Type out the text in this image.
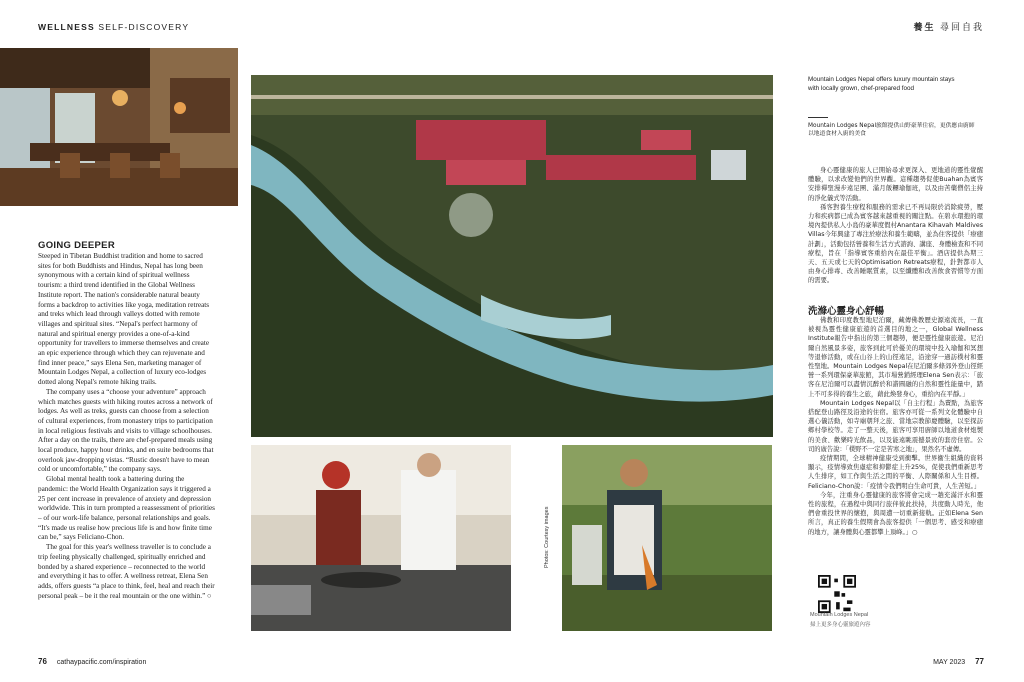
WELLNESS SELF-DISCOVERY	養生 尋回自我
Photos: Courtesy images
GOING DEEPER

Steeped in Tibetan Buddhist tradition and home to sacred sites for both Buddhists and Hindus, Nepal has long been synonymous with a certain kind of spiritual wellness tourism: a third trend identified in the Global Wellness Institute report. The nation's considerable natural beauty forms a backdrop to activities like yoga, meditation retreats and treks which lead through valleys dotted with remote villages and spiritual sites. “Nepal's perfect harmony of natural and spiritual energy provides a one-of-a-kind opportunity for travellers to immerse themselves and create an epic experience through which they can rejuvenate and find inner peace,” says Elena Sen, marketing manager of Mountain Lodges Nepal, a collection of luxury eco-lodges dotted along Nepal's remote hiking trails.

The company uses a “choose your adventure” approach which matches guests with hiking routes across a network of lodges. As well as treks, guests can choose from a selection of cultural experiences, from monastery trips to participation in local religious festivals and visits to village schoolhouses. After a day on the trails, there are chef-prepared meals using local produce, happy hour drinks, and en suite bedrooms that overlook jaw-dropping vistas. “Rustic doesn't have to mean cold or uncomfortable,” the company says.

Global mental health took a battering during the pandemic: the World Health Organization says it triggered a 25 per cent increase in prevalence of anxiety and depression worldwide. This in turn prompted a reassessment of priorities – of our work-life balance, personal relationships and goals. “It's made us realise how precious life is and how finite time can be,” says Feliciano-Chon.

The goal for this year's wellness traveller is to conclude a trip feeling physically challenged, spiritually enriched and bonded by a shared experience – reconnected to the world and everything it has to offer. A wellness retreat, Elena Sen adds, offers guests “a place to think, feel, heal and reach their personal peak – be it the real mountain or the one within.” ○

Mountain Lodges Nepal offers luxury mountain stays with locally grown, chef-prepared food
Mountain Lodges Nepal旅館提供山野豪華住宿，更供應由廚師以地道食材入廚的美食

身心靈健康的旅人已開始尋求更深入、更地道的靈性覺醒體驗，以求改變他們的世界觀。這種趨勢促使Buahan為賓客安排禪聖漫步遠足團、滿月飯糰瑜伽班，以及由苦藥僧侶主持的淨化儀式等活動。

孫客對養生療程和服務的需求已不再局限於消除疲勞，壓力和疾病都已成為賓客越來越重視的關注點。在碧水環抱的環境內提供私人小島的豪華度假村Anantara Kihavah Maldives Villas今年興建了專注於療法和養生範疇，並為住客提供「療癒計劃」，活動包括營養和生活方式諮詢、講座、身體檢查和不同療程，旨在「指導賓客重拾內在最佳平衡」。酒店提供為期三天、五天或七天的Optimisation Retreats療程，針對都市人由身心排毒、改善睡眠質素，以至纖體和改善飲食習慣等方面的需要。

洗滌心靈身心舒暢

佛教和印度教聖地尼泊爾，藏傳佛教歷史源遠流長，一直被視為靈性健康旅遊的首選目的地之一，Global Wellness Institute報告中指出的第三個趨勢，便是靈性健康旅遊。尼泊爾自然風景多姿，旅客到此可於優美的環境中投入瑜伽和冥想等退修活動，或在山谷上的山徑遠足，沿途穿一過訪樸村和靈性聖地。Mountain Lodges Nepal在尼泊爾多條郊外登山徑經營一系列環保豪華旅館，其市場營銷經理Elena Sen表示：「旅客在尼泊爾可以盡情沉醉於和諧圓融的自然和靈性能量中，踏上不可多得的養生之旅，藉此煥發身心，重拾內在平靜。」

Mountain Lodges Nepal以「自主行程」為賣點，為旅客搭配登山路徑及沿途的住宿。旅客亦可從一系列文化體驗中自選心儀活動，如寺廟朝拜之旅、當地宗教節慶體驗，以至探訪鄉村學校等。走了一整天後，旅客可享用廚師以地道食材炮製的美食、歡樂時光飲品，以及能遠眺震撼景致的套房住宿。公司的廣告說：「樸野不一定是苦寒之地」，果然名不虛傳。

疫情期間，全球精神健康受到衝擊。世界衞生組織的資料顯示，疫情導致焦慮症和抑鬱症上升25%，促使我們重新思考人生排序，如工作與生活之間的平衡、人際關係和人生目標。Feliciano-Chon說：「疫情令我們明白生命可貴，人生苦短。」

今年，注重身心靈健康的旅客將會完成一趟充滿汗水和靈性的旅程，在過程中與同行旅伴彼此扶持，共度動人時光，他們會重投世界的懷抱，與周遭一切重新接軌。正如Elena Sen所言，真正的養生假期會為旅客提供「一個思考、感受和療癒的地方，讓身體與心靈都攀上頂峰。」○

Mountain Lodges Nepal
掃上更多身心靈旅遊內容
76 cathaypacific.com/inspiration	MAY 2023 77
